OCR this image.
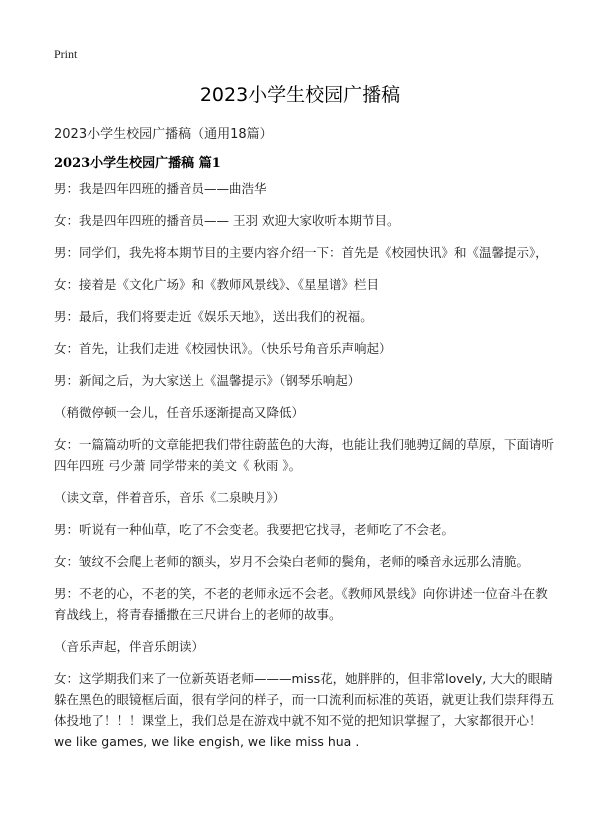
Print
2023小学生校园广播稿
2023小学生校园广播稿（通用18篇）
2023小学生校园广播稿 篇1

男：我是四年四班的播音员——曲浩华

女：我是四年四班的播音员—— 王羽 欢迎大家收听本期节目。

男：同学们，我先将本期节目的主要内容介绍一下：首先是《校园快讯》和《温馨提示》，

女：接着是《文化广场》和《教师风景线》、《星星谱》栏目

男：最后，我们将要走近《娱乐天地》，送出我们的祝福。

女：首先，让我们走进《校园快讯》。（快乐号角音乐声响起）

男：新闻之后，为大家送上《温馨提示》（钢琴乐响起）

（稍微停顿一会儿，任音乐逐渐提高又降低）

女：一篇篇动听的文章能把我们带往蔚蓝色的大海，也能让我们驰骋辽阔的草原，下面请听四年四班 弓少萧 同学带来的美文《 秋雨 》。

（读文章，伴着音乐，音乐《二泉映月》）

男：听说有一种仙草，吃了不会变老。我要把它找寻，老师吃了不会老。

女：皱纹不会爬上老师的额头，岁月不会染白老师的鬓角，老师的嗓音永远那么清脆。

男：不老的心，不老的笑，不老的老师永远不会老。《教师风景线》向你讲述一位奋斗在教育战线上，将青春播撒在三尺讲台上的老师的故事。

（音乐声起，伴音乐朗读）

女：这学期我们来了一位新英语老师———miss花，她胖胖的，但非常lovely, 大大的眼睛躲在黑色的眼镜框后面，很有学问的样子，而一口流利而标准的英语，就更让我们崇拜得五体投地了！！！课堂上，我们总是在游戏中就不知不觉的把知识掌握了，大家都很开心！ we like games, we like engish, we like miss hua .
